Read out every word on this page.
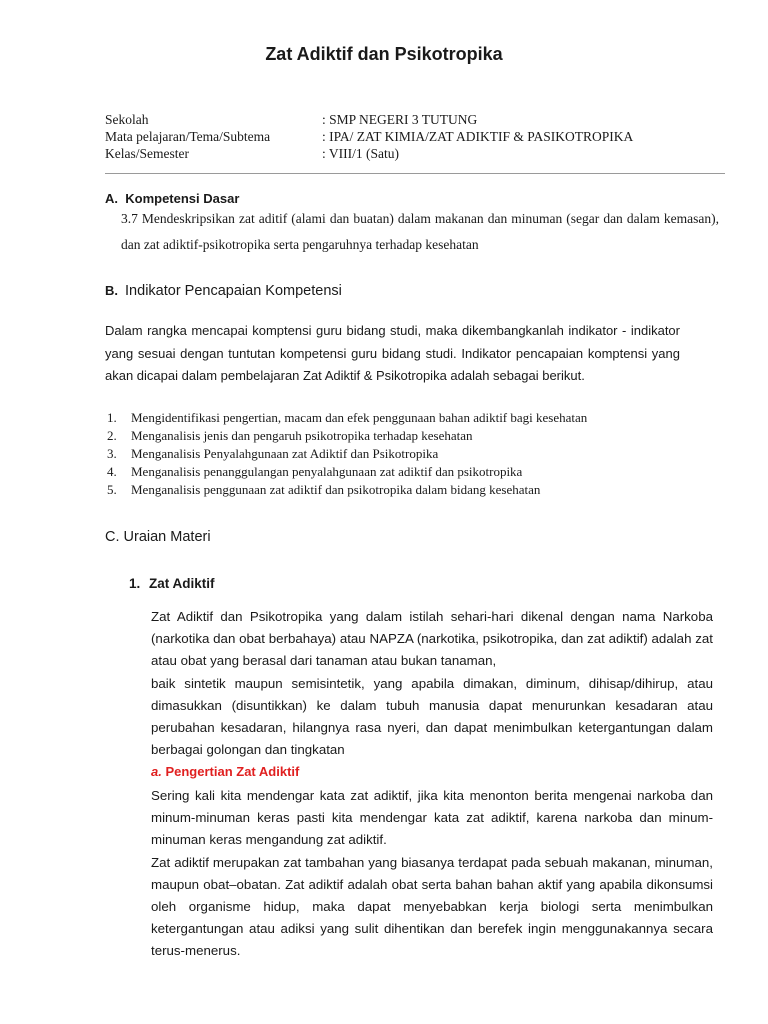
Zat Adiktif dan Psikotropika
Sekolah	: SMP NEGERI 3 TUTUNG
Mata pelajaran/Tema/Subtema	: IPA/ ZAT KIMIA/ZAT ADIKTIF & PASIKOTROPIKA
Kelas/Semester	: VIII/1 (Satu)
A. Kompetensi Dasar
3.7 Mendeskripsikan zat aditif (alami dan buatan) dalam makanan dan minuman (segar dan dalam kemasan), dan zat adiktif-psikotropika serta pengaruhnya terhadap kesehatan
B. Indikator Pencapaian Kompetensi
Dalam rangka mencapai komptensi guru bidang studi, maka dikembangkanlah indikator - indikator yang sesuai dengan tuntutan kompetensi guru bidang studi. Indikator pencapaian komptensi yang akan dicapai dalam pembelajaran Zat Adiktif & Psikotropika adalah sebagai berikut.
1. Mengidentifikasi pengertian, macam dan efek penggunaan bahan adiktif bagi kesehatan
2. Menganalisis jenis dan pengaruh psikotropika terhadap kesehatan
3. Menganalisis Penyalahgunaan zat Adiktif dan Psikotropika
4. Menganalisis penanggulangan penyalahgunaan zat adiktif dan psikotropika
5. Menganalisis penggunaan zat adiktif dan psikotropika dalam bidang kesehatan
C. Uraian Materi
1. Zat Adiktif

Zat Adiktif dan Psikotropika yang dalam istilah sehari-hari dikenal dengan nama Narkoba (narkotika dan obat berbahaya) atau NAPZA (narkotika, psikotropika, dan zat adiktif) adalah zat atau obat yang berasal dari tanaman atau bukan tanaman,

baik sintetik maupun semisintetik, yang apabila dimakan, diminum, dihisap/dihirup, atau dimasukkan (disuntikkan) ke dalam tubuh manusia dapat menurunkan kesadaran atau perubahan kesadaran, hilangnya rasa nyeri, dan dapat menimbulkan ketergantungan dalam berbagai golongan dan tingkatan

a. Pengertian Zat Adiktif

Sering kali kita mendengar kata zat adiktif, jika kita menonton berita mengenai narkoba dan minum-minuman keras pasti kita mendengar kata zat adiktif, karena narkoba dan minum-minuman keras mengandung zat adiktif.

Zat adiktif merupakan zat tambahan yang biasanya terdapat pada sebuah makanan, minuman, maupun obat–obatan. Zat adiktif adalah obat serta bahan bahan aktif yang apabila dikonsumsi oleh organisme hidup, maka dapat menyebabkan kerja biologi serta menimbulkan ketergantungan atau adiksi yang sulit dihentikan dan berefek ingin menggunakannya secara terus-menerus.
